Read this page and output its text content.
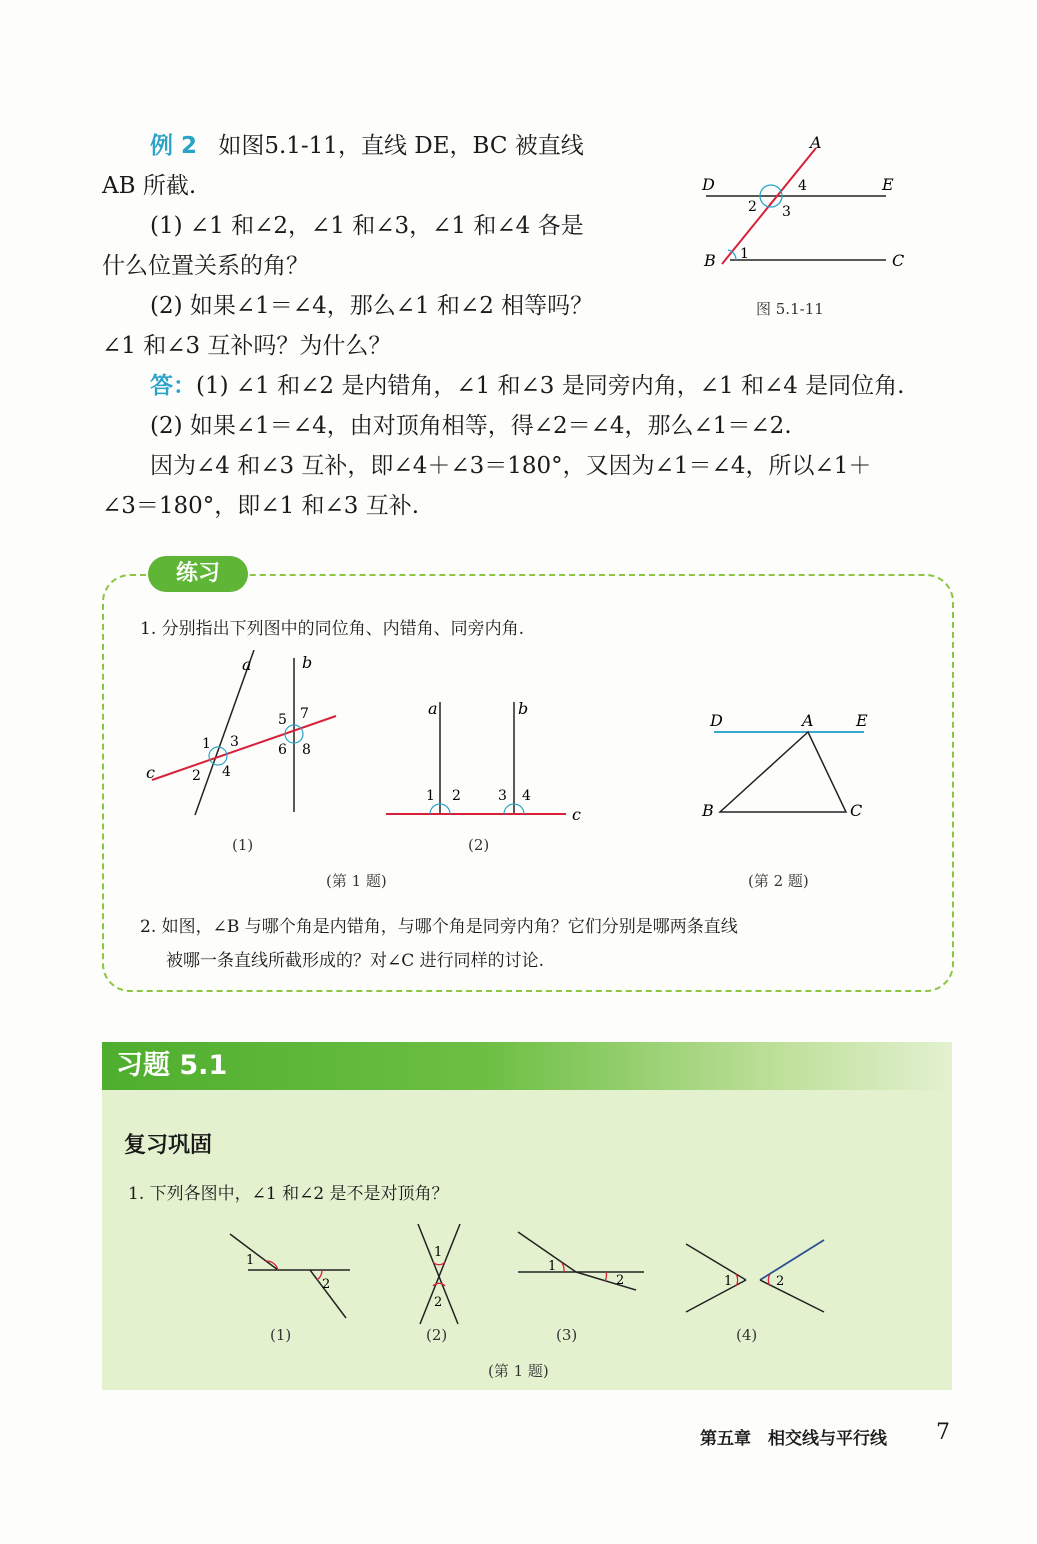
例 2 如图5.1-11，直线 DE，BC 被直线
AB 所截.
(1) ∠1 和∠2，∠1 和∠3，∠1 和∠4 各是
什么位置关系的角？
(2) 如果∠1＝∠4，那么∠1 和∠2 相等吗？
∠1 和∠3 互补吗？为什么？
答：(1) ∠1 和∠2 是内错角，∠1 和∠3 是同旁内角，∠1 和∠4 是同位角.
(2) 如果∠1＝∠4，由对顶角相等，得∠2＝∠4，那么∠1＝∠2.
因为∠4 和∠3 互补，即∠4＋∠3＝180°，又因为∠1＝∠4，所以∠1＋
∠3＝180°，即∠1 和∠3 互补.
A
D	E
B	C
1
2 3
4
图 5.1-11
练习
1. 分别指出下列图中的同位角、内错角、同旁内角.
a	b
c
1
2
3
4
5
6
7
8
(1)
a	b
c
1 2	3 4
(2)
D	A	E
B	C
(第 1 题)	(第 2 题)
2. 如图，∠B 与哪个角是内错角，与哪个角是同旁内角？它们分别是哪两条直线
被哪一条直线所截形成的？对∠C 进行同样的讨论.
习题 5.1
复习巩固
1. 下列各图中，∠1 和∠2 是不是对顶角？
1
2
1
2
1
2	1	2
(1)	(2)	(3)	(4)
(第 1 题)
第五章　相交线与平行线 7
